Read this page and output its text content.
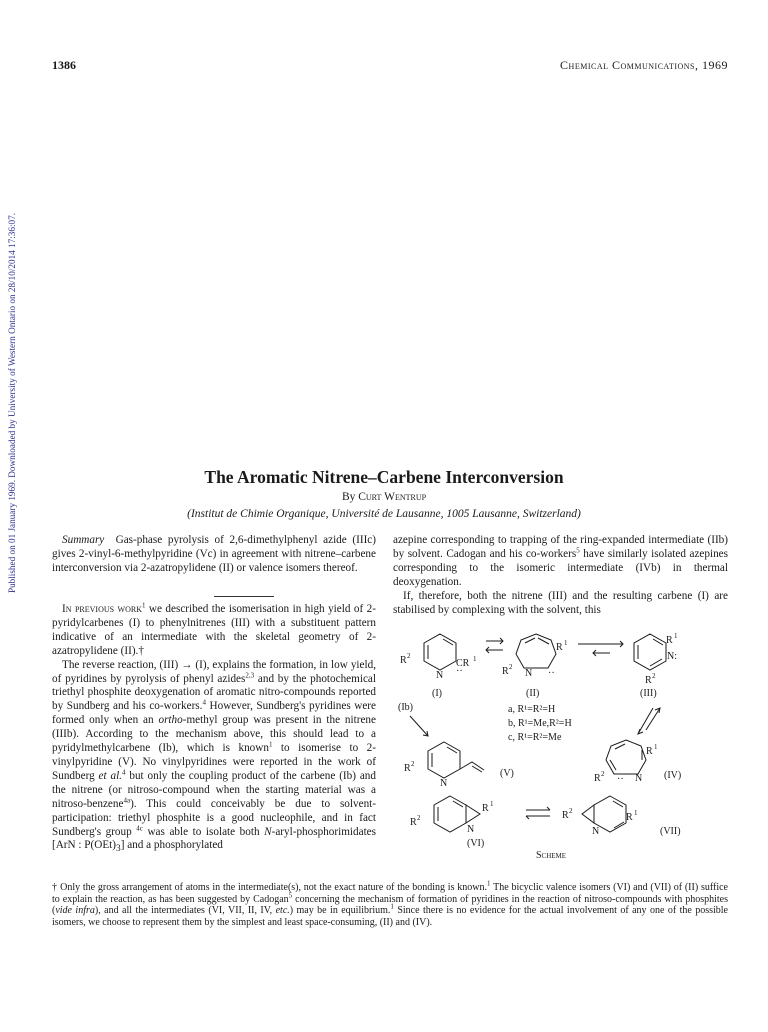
1386	Chemical Communications, 1969
Published on 01 January 1969. Downloaded by University of Western Ontario on 28/10/2014 17:36:07.	The Aromatic Nitrene–Carbene Interconversion
By Curt Wentrup
(Institut de Chimie Organique, Université de Lausanne, 1005 Lausanne, Switzerland)

Summary Gas-phase pyrolysis of 2,6-dimethylphenyl azide (IIIc) gives 2-vinyl-6-methylpyridine (Vc) in agreement with nitrene–carbene interconversion via 2-azatropylidene (II) or valence isomers thereof.

In previous work$^1$ we described the isomerisation in high yield of 2-pyridylcarbenes (I) to phenylnitrenes (III) with a substituent pattern indicative of an intermediate with the skeletal geometry of 2-azatropylidene (II).†

The reverse reaction, (III) → (I), explains the formation, in low yield, of pyridines by pyrolysis of phenyl azides$^{2,3}$ and by the photochemical triethyl phosphite deoxygenation of aromatic nitro-compounds reported by Sundberg and his co-workers.$^4$ However, Sundberg's pyridines were formed only when an ortho-methyl group was present in the nitrene (IIIb). According to the mechanism above, this should lead to a pyridylmethylcarbene (Ib), which is known$^1$ to isomerise to 2-vinylpyridine (V). No vinylpyridines were reported in the work of Sundberg et al.$^4$ but only the coupling product of the carbene (Ib) and the nitrene (or nitroso-compound when the starting material was a nitroso-benzene$^{4a}$). This could conceivably be due to solvent-participation: triethyl phosphite is a good nucleophile, and in fact Sundberg's group $^{4c}$ was able to isolate both N-aryl-phosphorimidates [ArN : $P(OEt)_3$] and a phosphorylated

azepine corresponding to trapping of the ring-expanded intermediate (IIb) by solvent. Cadogan and his co-workers$^5$ have similarly isolated azepines corresponding to the isomeric intermediate (IVb) in thermal deoxygenation.

If, therefore, both the nitrene (III) and the resulting carbene (I) are stabilised by complexing with the solvent, this

R 2
N
CR 1
··
R 1
R 2
N ··
R 1
N:
R 2
(I)	(II)	(III)
(Ib)	a, R¹=R²=H
b, R¹=Me,R²=H
c, R¹=R²=Me
R 2
N
(V)
R 1
R 2	N
··	(IV)
R 1
R 2
N
(VI)
R 1
R 2
N	(VII)
Scheme
† Only the gross arrangement of atoms in the intermediate(s), not the exact nature of the bonding is known.$^1$ The bicyclic valence isomers (VI) and (VII) of (II) suffice to explain the reaction, as has been suggested by Cadogan$^5$ concerning the mechanism of formation of pyridines in the reaction of nitroso-compounds with phosphites (vide infra), and all the intermediates (VI, VII, II, IV, etc.) may be in equilibrium.$^1$ Since there is no evidence for the actual involvement of any one of the possible isomers, we choose to represent them by the simplest and least space-consuming, (II) and (IV).
